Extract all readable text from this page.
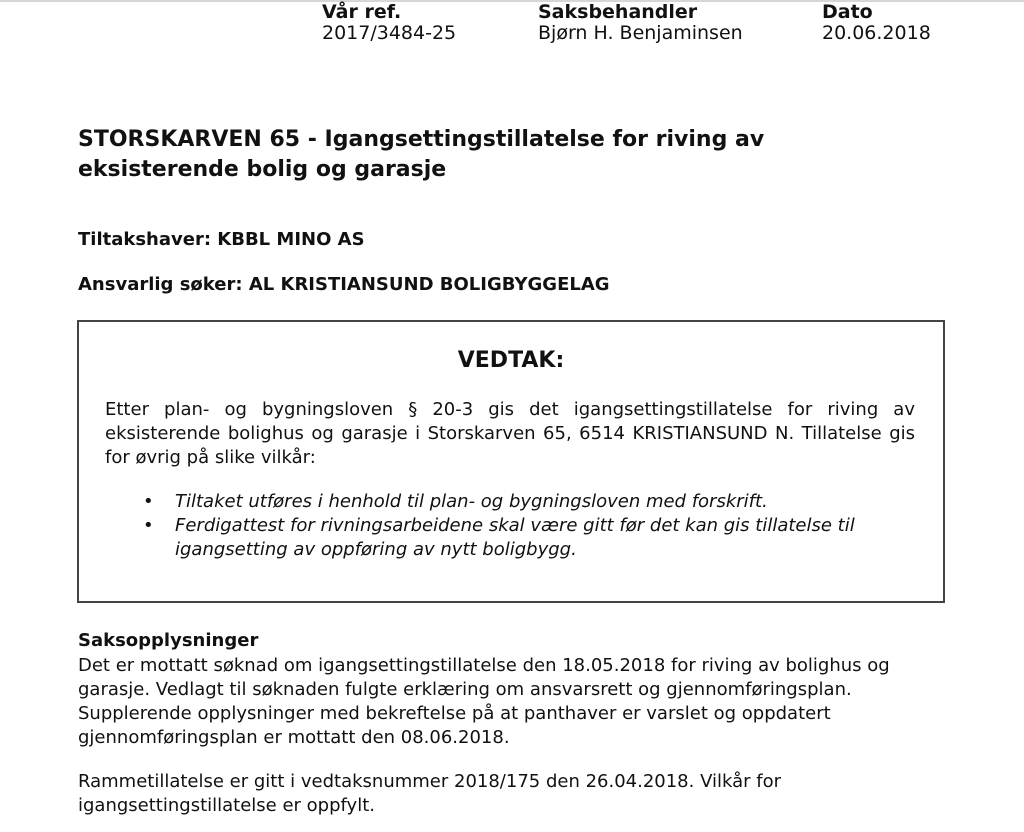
Vår ref.
2017/3484-25
Saksbehandler
Bjørn H. Benjaminsen
Dato
20.06.2018
STORSKARVEN 65 - Igangsettingstillatelse for riving av
eksisterende bolig og garasje
Tiltakshaver: KBBL MINO AS
Ansvarlig søker: AL KRISTIANSUND BOLIGBYGGELAG
VEDTAK:

Etter plan- og bygningsloven § 20-3 gis det igangsettingstillatelse for riving av eksisterende bolighus og garasje i Storskarven 65, 6514 KRISTIANSUND N. Tillatelse gis for øvrig på slike vilkår:

• Tiltaket utføres i henhold til plan- og bygningsloven med forskrift.
• Ferdigattest for rivningsarbeidene skal være gitt før det kan gis tillatelse til igangsetting av oppføring av nytt boligbygg.
Saksopplysninger

Det er mottatt søknad om igangsettingstillatelse den 18.05.2018 for riving av bolighus og garasje. Vedlagt til søknaden fulgte erklæring om ansvarsrett og gjennomføringsplan. Supplerende opplysninger med bekreftelse på at panthaver er varslet og oppdatert gjennomføringsplan er mottatt den 08.06.2018.

Rammetillatelse er gitt i vedtaksnummer 2018/175 den 26.04.2018. Vilkår for igangsettingstillatelse er oppfylt.
